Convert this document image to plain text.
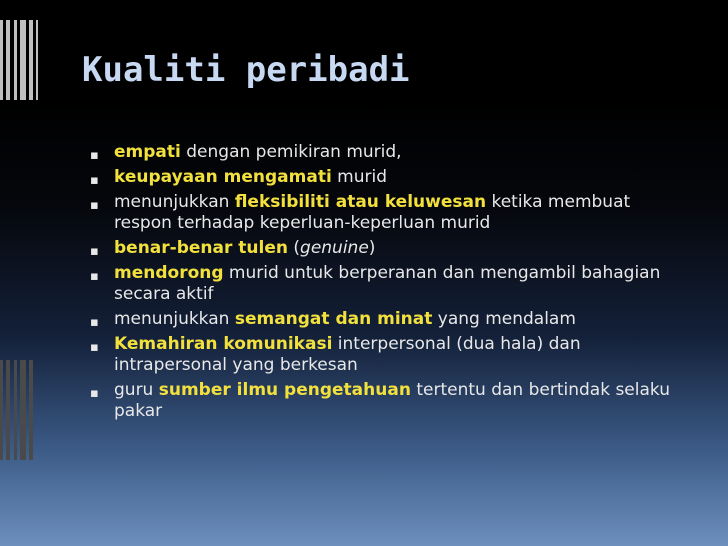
Kualiti peribadi
▪ empati dengan pemikiran murid,
▪ keupayaan mengamati murid
▪ menunjukkan fleksibiliti atau keluwesan ketika membuat respon terhadap keperluan-keperluan murid
▪ benar-benar tulen (genuine)
▪ mendorong murid untuk berperanan dan mengambil bahagian secara aktif
▪ menunjukkan semangat dan minat yang mendalam
▪ Kemahiran komunikasi interpersonal (dua hala) dan intrapersonal yang berkesan
▪ guru sumber ilmu pengetahuan tertentu dan bertindak selaku pakar
